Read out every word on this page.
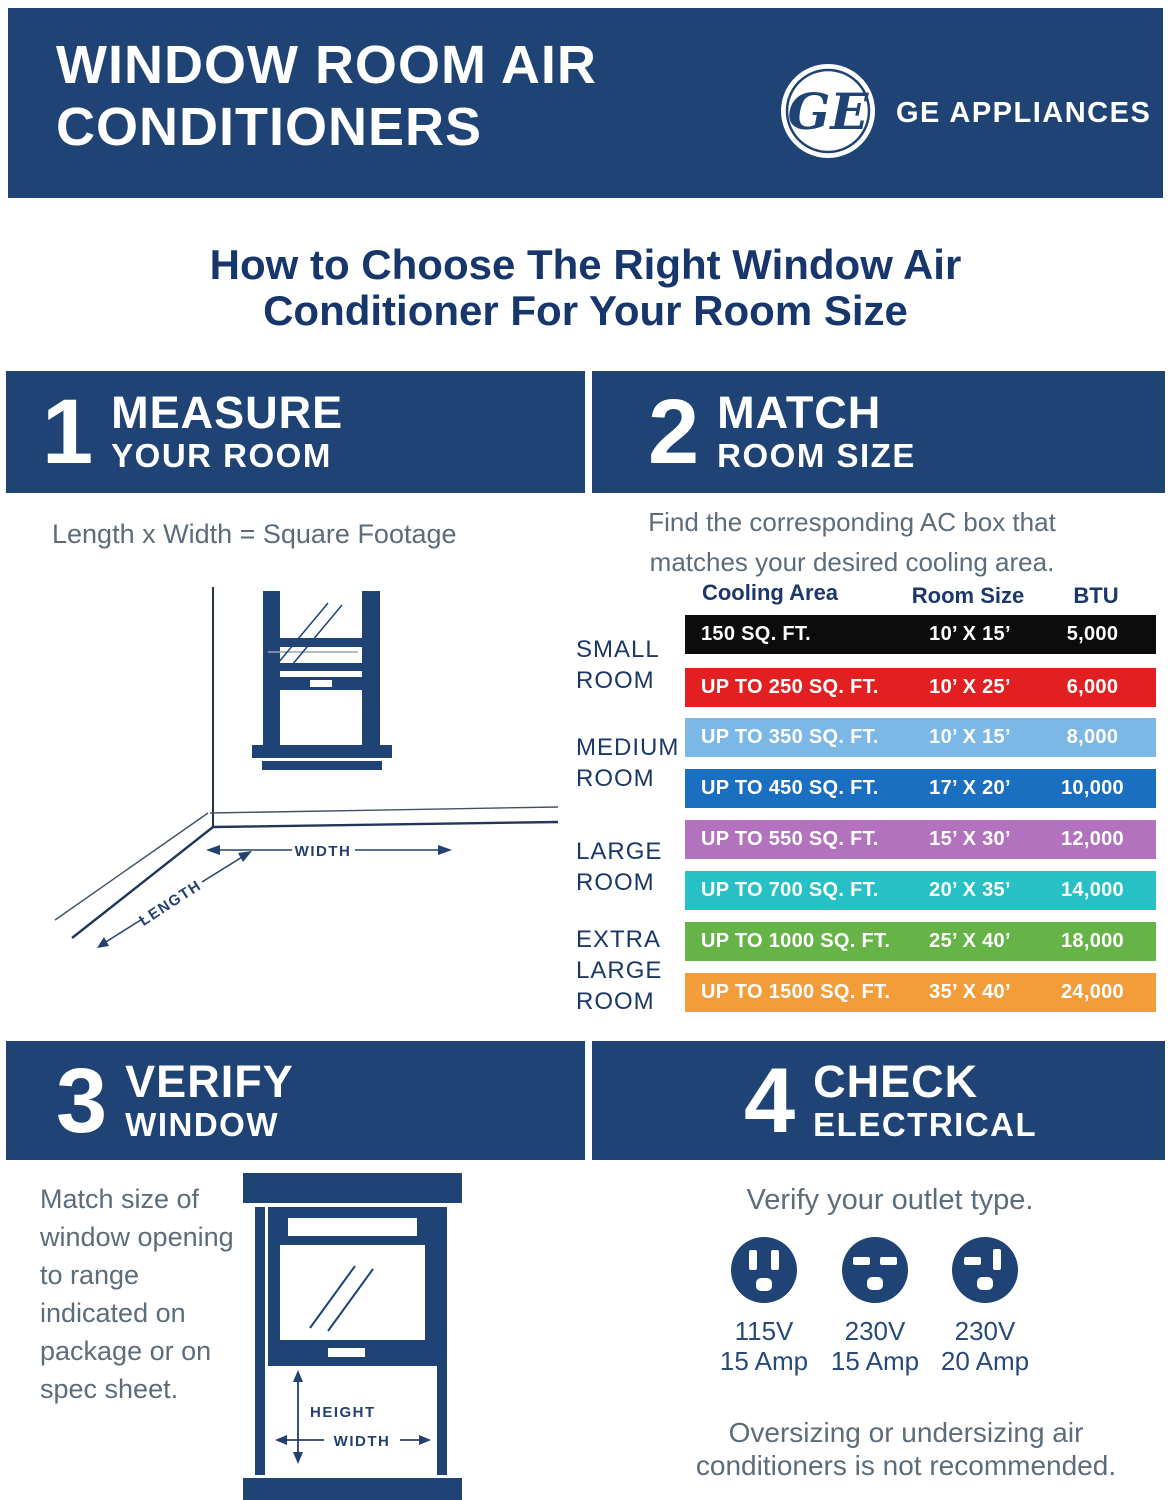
WINDOW ROOM AIR
CONDITIONERS	GE GE APPLIANCES
How to Choose The Right Window Air
Conditioner For Your Room Size
1 MEASURE
YOUR ROOM	2 MATCH
ROOM SIZE
Length x Width = Square Footage
WIDTH
LENGTH
Find the corresponding AC box that
matches your desired cooling area.
Cooling Area	Room Size	BTU
SMALL
ROOM
MEDIUM
ROOM
LARGE
ROOM
EXTRA
LARGE
ROOM
150 SQ. FT.	10’ X 15’	5,000
UP TO 250 SQ. FT.	10’ X 25’	6,000
UP TO 350 SQ. FT.	10’ X 15’	8,000
UP TO 450 SQ. FT.	17’ X 20’	10,000
UP TO 550 SQ. FT.	15’ X 30’	12,000
UP TO 700 SQ. FT.	20’ X 35’	14,000
UP TO 1000 SQ. FT.	25’ X 40’	18,000
UP TO 1500 SQ. FT.	35’ X 40’	24,000
3 VERIFY
WINDOW	4 CHECK
ELECTRICAL
Match size of
window opening
to range
indicated on
package or on
spec sheet.
HEIGHT
WIDTH
Verify your outlet type.
115V
15 Amp
230V
15 Amp
230V
20 Amp
Oversizing or undersizing air
conditioners is not recommended.
